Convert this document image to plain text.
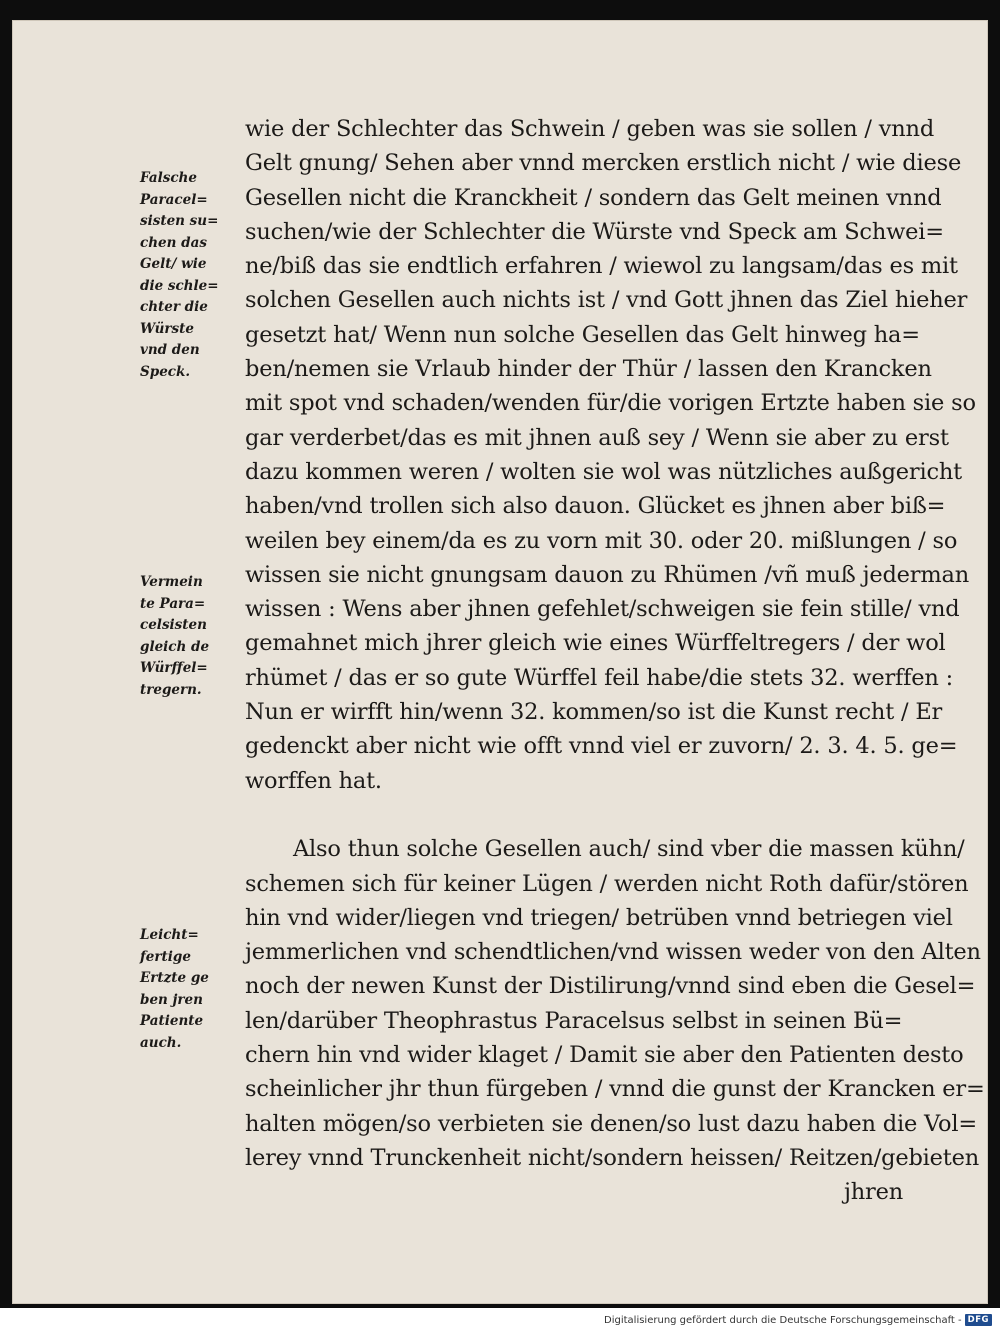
wie der Schlechter das Schwein / geben was sie sollen / vnnd
Gelt gnung/ Sehen aber vnnd mercken erstlich nicht / wie diese
Gesellen nicht die Kranckheit / sondern das Gelt meinen vnnd
suchen/wie der Schlechter die Würste vnd Speck am Schwei=
ne/biß das sie endtlich erfahren / wiewol zu langsam/das es mit
solchen Gesellen auch nichts ist / vnd Gott jhnen das Ziel hieher
gesetzt hat/ Wenn nun solche Gesellen das Gelt hinweg ha=
ben/nemen sie Vrlaub hinder der Thür / lassen den Krancken
mit spot vnd schaden/wenden für/die vorigen Ertzte haben sie so
gar verderbet/das es mit jhnen auß sey / Wenn sie aber zu erst
dazu kommen weren / wolten sie wol was nützliches außgericht
haben/vnd trollen sich also dauon. Glücket es jhnen aber biß=
weilen bey einem/da es zu vorn mit 30. oder 20. mißlungen / so
wissen sie nicht gnungsam dauon zu Rhümen /vñ muß jederman
wissen : Wens aber jhnen gefehlet/schweigen sie fein stille/ vnd
gemahnet mich jhrer gleich wie eines Würffeltregers / der wol
rhümet / das er so gute Würffel feil habe/die stets 32. werffen :
Nun er wirfft hin/wenn 32. kommen/so ist die Kunst recht / Er
gedenckt aber nicht wie offt vnnd viel er zuvorn/ 2. 3. 4. 5. ge=
worffen hat.
Also thun solche Gesellen auch/ sind vber die massen kühn/
schemen sich für keiner Lügen / werden nicht Roth dafür/stören
hin vnd wider/liegen vnd triegen/ betrüben vnnd betriegen viel
jemmerlichen vnd schendtlichen/vnd wissen weder von den Alten
noch der newen Kunst der Distilirung/vnnd sind eben die Gesel=
len/darüber Theophrastus Paracelsus selbst in seinen Bü=
chern hin vnd wider klaget / Damit sie aber den Patienten desto
scheinlicher jhr thun fürgeben / vnnd die gunst der Krancken er=
halten mögen/so verbieten sie denen/so lust dazu haben die Vol=
lerey vnnd Trunckenheit nicht/sondern heissen/ Reitzen/gebieten
jhren
Falsche
Paracel=
sisten su=
chen das
Gelt/ wie
die schle=
chter die
Würste
vnd den
Speck.
Vermein
te Para=
celsisten
gleich de
Würffel=
tregern.
Leicht=
fertige
Ertzte ge
ben jren
Patiente
auch.
Digitalisierung gefördert durch die Deutsche Forschungsgemeinschaft - DFG
